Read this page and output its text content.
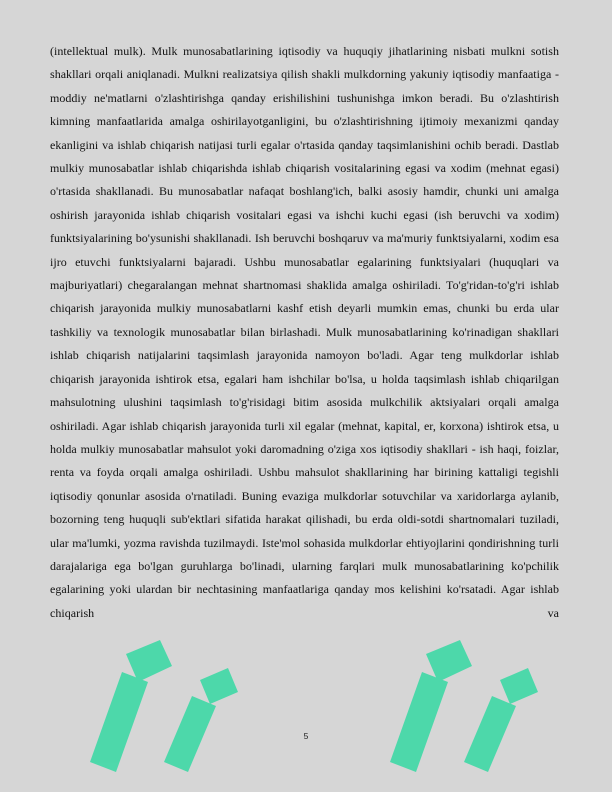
(intellektual mulk). Mulk munosabatlarining iqtisodiy va huquqiy jihatlarining nisbati mulkni sotish shakllari orqali aniqlanadi. Mulkni realizatsiya qilish shakli mulkdorning yakuniy iqtisodiy manfaatiga - moddiy ne'matlarni o'zlashtirishga qanday erishilishini tushunishga imkon beradi. Bu o'zlashtirish kimning manfaatlarida amalga oshirilayotganligini, bu o'zlashtirishning ijtimoiy mexanizmi qanday ekanligini va ishlab chiqarish natijasi turli egalar o'rtasida qanday taqsimlanishini ochib beradi. Dastlab mulkiy munosabatlar ishlab chiqarishda ishlab chiqarish vositalarining egasi va xodim (mehnat egasi) o'rtasida shakllanadi. Bu munosabatlar nafaqat boshlang'ich, balki asosiy hamdir, chunki uni amalga oshirish jarayonida ishlab chiqarish vositalari egasi va ishchi kuchi egasi (ish beruvchi va xodim) funktsiyalarining bo'ysunishi shakllanadi. Ish beruvchi boshqaruv va ma'muriy funktsiyalarni, xodim esa ijro etuvchi funktsiyalarni bajaradi. Ushbu munosabatlar egalarining funktsiyalari (huquqlari va majburiyatlari) chegaralangan mehnat shartnomasi shaklida amalga oshiriladi. To'g'ridan-to'g'ri ishlab chiqarish jarayonida mulkiy munosabatlarni kashf etish deyarli mumkin emas, chunki bu erda ular tashkiliy va texnologik munosabatlar bilan birlashadi. Mulk munosabatlarining ko'rinadigan shakllari ishlab chiqarish natijalarini taqsimlash jarayonida namoyon bo'ladi. Agar teng mulkdorlar ishlab chiqarish jarayonida ishtirok etsa, egalari ham ishchilar bo'lsa, u holda taqsimlash ishlab chiqarilgan mahsulotning ulushini taqsimlash to'g'risidagi bitim asosida mulkchilik aktsiyalari orqali amalga oshiriladi. Agar ishlab chiqarish jarayonida turli xil egalar (mehnat, kapital, er, korxona) ishtirok etsa, u holda mulkiy munosabatlar mahsulot yoki daromadning o'ziga xos iqtisodiy shakllari - ish haqi, foizlar, renta va foyda orqali amalga oshiriladi. Ushbu mahsulot shakllarining har birining kattaligi tegishli iqtisodiy qonunlar asosida o'rnatiladi. Buning evaziga mulkdorlar sotuvchilar va xaridorlarga aylanib, bozorning teng huquqli sub'ektlari sifatida harakat qilishadi, bu erda oldi-sotdi shartnomalari tuziladi, ular ma'lumki, yozma ravishda tuzilmaydi. Iste'mol sohasida mulkdorlar ehtiyojlarini qondirishning turli darajalariga ega bo'lgan guruhlarga bo'linadi, ularning farqlari mulk munosabatlarining ko'pchilik egalarining yoki ulardan bir nechtasining manfaatlariga qanday mos kelishini ko'rsatadi. Agar ishlab chiqarish va

5
